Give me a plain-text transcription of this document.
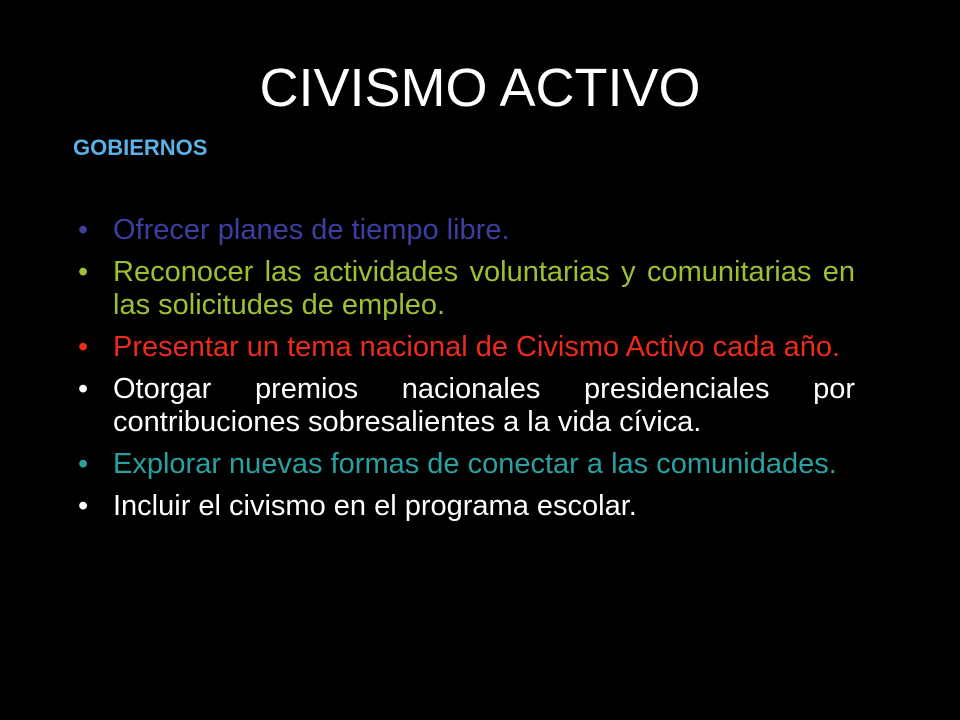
CIVISMO ACTIVO
GOBIERNOS
• Ofrecer planes de tiempo libre.
• Reconocer las actividades voluntarias y comunitarias en las solicitudes de empleo.
• Presentar un tema nacional de Civismo Activo cada año.
• Otorgar premios nacionales presidenciales por contribuciones sobresalientes a la vida cívica.
• Explorar nuevas formas de conectar a las comunidades.
• Incluir el civismo en el programa escolar.
